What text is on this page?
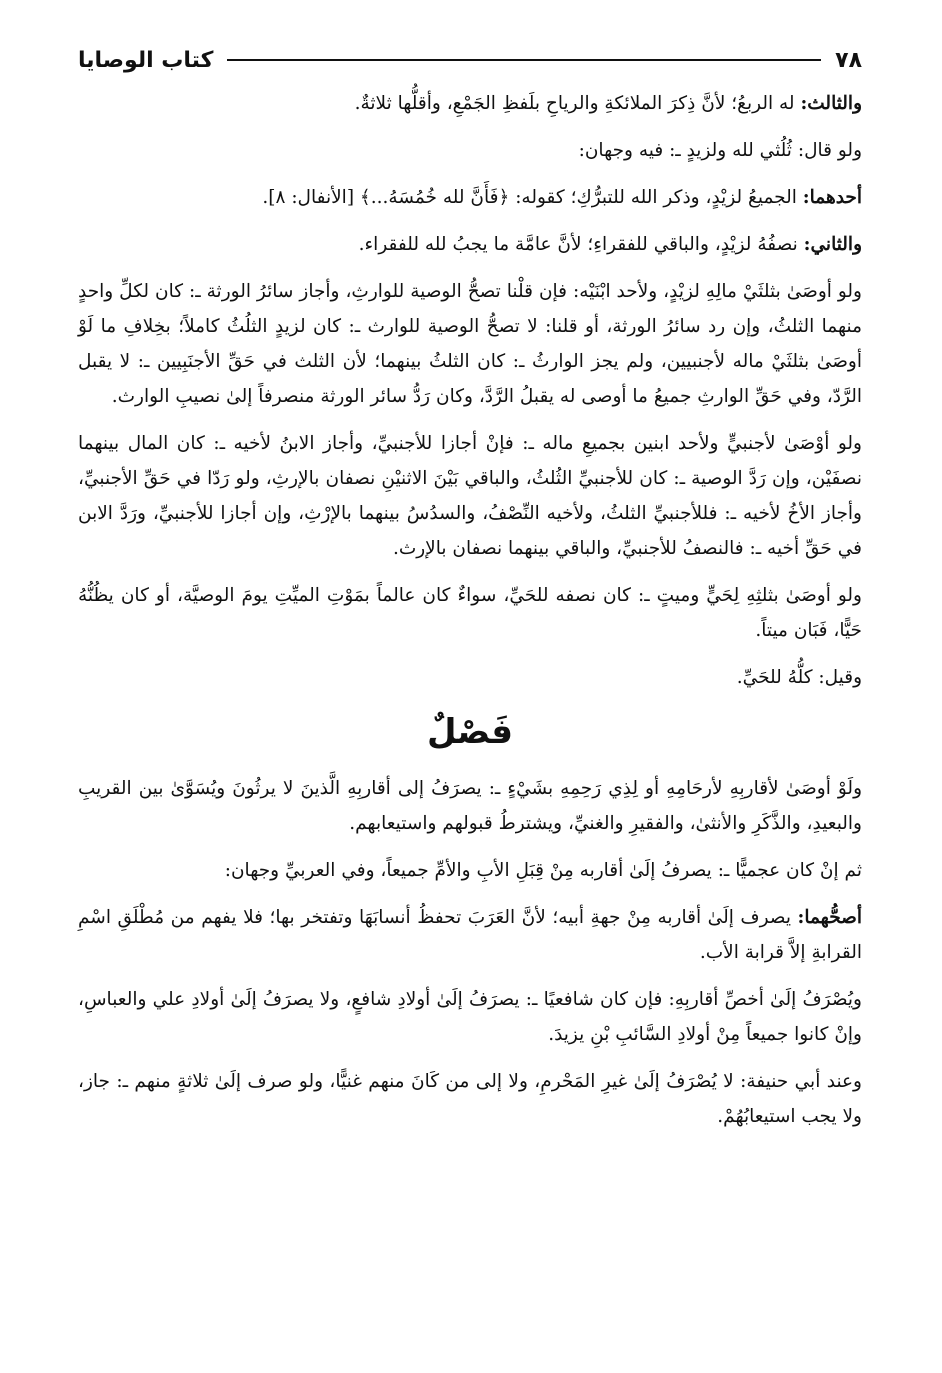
٧٨
كتاب الوصايا

والثالث: له الربعُ؛ لأنَّ ذِكرَ الملائكةِ والرياحِ بلَفظِ الجَمْعِ، وأقلُّها ثلاثةٌ.

ولو قال: ثُلُثي لله ولزيدٍ ـ: فيه وجهان:

أحدهما: الجميعُ لزيْدٍ، وذكر الله للتبرُّكِ؛ كقوله: ﴿فَأَنَّ لله خُمُسَهُ...﴾ [الأنفال: ٨].

والثاني: نصفُهُ لزيْدٍ، والباقي للفقراءِ؛ لأنَّ عامَّة ما يجبُ لله للفقراء.

ولو أوصَىٰ بثلثَيْ مالِهِ لزيْدٍ، ولأحد ابْنَيْه: فإن قلْنا تصحُّ الوصية للوارثِ، وأجاز سائرُ الورثة ـ: كان لكلِّ واحدٍ منهما الثلثُ، وإن رد سائرُ الورثة، أو قلنا: لا تصحُّ الوصية للوارث ـ: كان لزيدٍ الثلُثُ كاملاً؛ بخِلافِ ما لَوْ أوصَىٰ بثلثَيْ ماله لأجنبيين، ولم يجز الوارثُ ـ: كان الثلثُ بينهما؛ لأن الثلث في حَقِّ الأجنَبِيين ـ: لا يقبل الرَّدّ، وفي حَقِّ الوارثِ جميعُ ما أوصى له يقبلُ الرَّدَّ، وكان رَدُّ سائر الورثة منصرفاً إلىٰ نصيبِ الوارث.

ولو أوْصَىٰ لأجنبيٍّ ولأحد ابنين بجميعِ ماله ـ: فإنْ أجازا للأجنبيِّ، وأجاز الابنُ لأخيه ـ: كان المال بينهما نصفَيْن، وإن رَدَّ الوصية ـ: كان للأجنبيِّ الثُلثُ، والباقي بَيْنَ الاثنيْنِ نصفان بالإرثِ، ولو رَدّا في حَقِّ الأجنبيِّ، وأجاز الأخُ لأخيه ـ: فللأجنبيِّ الثلثُ، ولأخيه النِّصْفُ، والسدُسُ بينهما بالإرْثِ، وإن أجازا للأجنبيِّ، ورَدَّ الابن في حَقِّ أخيه ـ: فالنصفُ للأجنبيِّ، والباقي بينهما نصفان بالإرث.

ولو أوصَىٰ بثلثِهِ لِحَيٍّ وميتٍ ـ: كان نصفه للحَيِّ، سواءٌ كان عالماً بمَوْتِ الميِّتِ يومَ الوصيَّة، أو كان يظُنُّهُ حَيًّا، فَبَان ميتاً.

وقيل: كلُّهُ للحَيِّ.

فَصْلٌ

ولَوْ أوصَىٰ لأقاربِهِ لأرحَامِهِ أو لِذِي رَحِمِهِ بشَيْءٍ ـ: يصرَفُ إلى أقاربِهِ الَّذينَ لا يرثُونَ ويُسَوَّىٰ بين القريبِ والبعيدِ، والذَّكَرِ والأنثىٰ، والفقيرِ والغنيِّ، ويشترطُ قبولهم واستيعابهم.

ثم إنْ كان عجميًّا ـ: يصرفُ إلَىٰ أقاربه مِنْ قِبَلِ الأبِ والأمِّ جميعاً، وفي العربيِّ وجهان:

أصحُّهما: يصرف إلَىٰ أقاربه مِنْ جهةِ أبيه؛ لأنَّ العَرَبَ تحفظُ أنسابَهَا وتفتخر بها؛ فلا يفهم من مُطْلَقِ اسْمِ القرابةِ إلاَّ قرابة الأب.

ويُصْرَفُ إلَىٰ أخصِّ أقاربِهِ: فإن كان شافعيًا ـ: يصرَفُ إلَىٰ أولادِ شافعٍ، ولا يصرَفُ إلَىٰ أولادِ علي والعباسِ، وإنْ كانوا جميعاً مِنْ أولادِ السَّائبِ بْنِ يزيدَ.

وعند أبي حنيفة: لا يُصْرَفُ إلَىٰ غيرِ المَحْرمِ، ولا إلى من كَانَ منهم غنيًّا، ولو صرف إلَىٰ ثلاثةٍ منهم ـ: جاز، ولا يجب استيعابُهُمْ.
